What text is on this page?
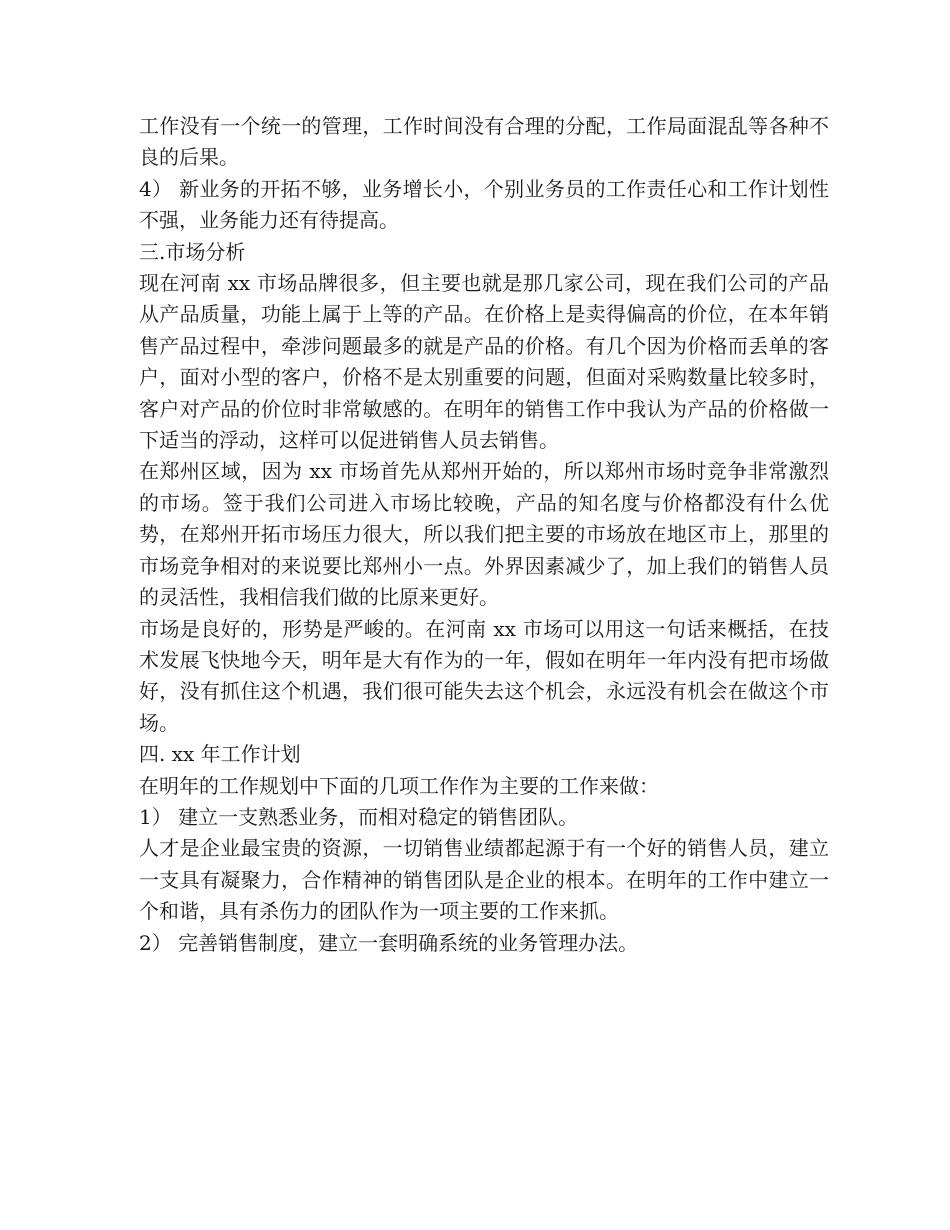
工作没有一个统一的管理，工作时间没有合理的分配，工作局面混乱等各种不良的后果。

4） 新业务的开拓不够，业务增长小，个别业务员的工作责任心和工作计划性不强，业务能力还有待提高。

三.市场分析

现在河南 xx 市场品牌很多，但主要也就是那几家公司，现在我们公司的产品从产品质量，功能上属于上等的产品。在价格上是卖得偏高的价位，在本年销售产品过程中，牵涉问题最多的就是产品的价格。有几个因为价格而丢单的客户，面对小型的客户，价格不是太别重要的问题，但面对采购数量比较多时，客户对产品的价位时非常敏感的。在明年的销售工作中我认为产品的价格做一下适当的浮动，这样可以促进销售人员去销售。

在郑州区域，因为 xx 市场首先从郑州开始的，所以郑州市场时竞争非常激烈的市场。签于我们公司进入市场比较晚，产品的知名度与价格都没有什么优势，在郑州开拓市场压力很大，所以我们把主要的市场放在地区市上，那里的市场竞争相对的来说要比郑州小一点。外界因素减少了，加上我们的销售人员的灵活性，我相信我们做的比原来更好。

市场是良好的，形势是严峻的。在河南 xx 市场可以用这一句话来概括，在技术发展飞快地今天，明年是大有作为的一年，假如在明年一年内没有把市场做好，没有抓住这个机遇，我们很可能失去这个机会，永远没有机会在做这个市场。

四. xx 年工作计划

在明年的工作规划中下面的几项工作作为主要的工作来做：

1） 建立一支熟悉业务，而相对稳定的销售团队。

人才是企业最宝贵的资源，一切销售业绩都起源于有一个好的销售人员，建立一支具有凝聚力，合作精神的销售团队是企业的根本。在明年的工作中建立一个和谐，具有杀伤力的团队作为一项主要的工作来抓。

2） 完善销售制度，建立一套明确系统的业务管理办法。
